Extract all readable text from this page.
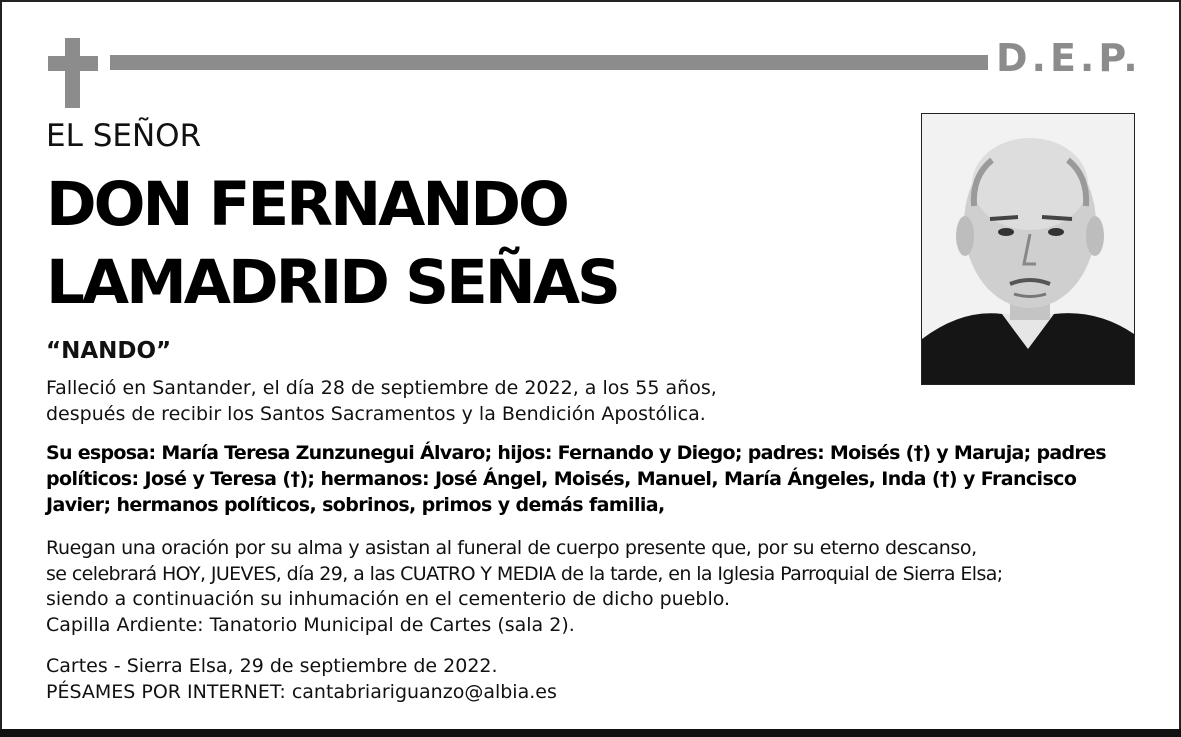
D.E.P.
EL SEÑOR
DON FERNANDO
LAMADRID SEÑAS
“NANDO”
Falleció en Santander, el día 28 de septiembre de 2022, a los 55 años,
después de recibir los Santos Sacramentos y la Bendición Apostólica.
Su esposa: María Teresa Zunzunegui Álvaro; hijos: Fernando y Diego; padres: Moisés (†) y Maruja; padres
políticos: José y Teresa (†); hermanos: José Ángel, Moisés, Manuel, María Ángeles, Inda (†) y Francisco
Javier; hermanos políticos, sobrinos, primos y demás familia,
Ruegan una oración por su alma y asistan al funeral de cuerpo presente que, por su eterno descanso,
se celebrará HOY, JUEVES, día 29, a las CUATRO Y MEDIA de la tarde, en la Iglesia Parroquial de Sierra Elsa;
siendo a continuación su inhumación en el cementerio de dicho pueblo.
Capilla Ardiente: Tanatorio Municipal de Cartes (sala 2).
Cartes - Sierra Elsa, 29 de septiembre de 2022.
PÉSAMES POR INTERNET: cantabriariguanzo@albia.es
